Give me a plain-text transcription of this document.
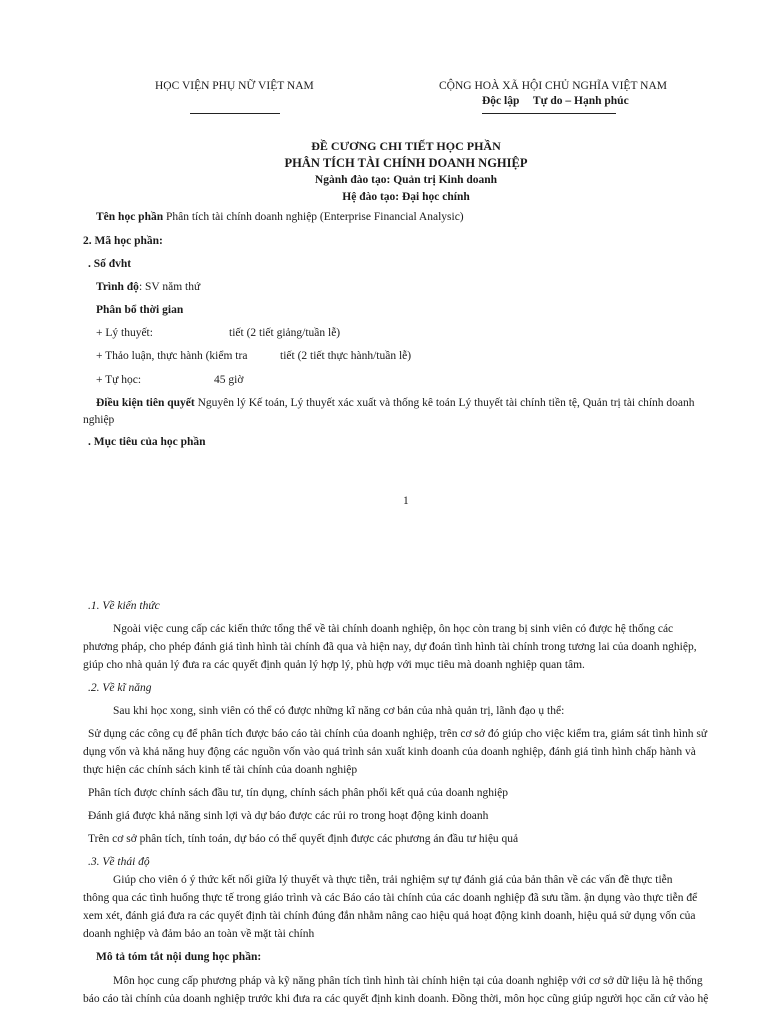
HỌC VIỆN PHỤ NỮ VIỆT NAM	CỘNG HOÀ XÃ HỘI CHỦ NGHĨA VIỆT NAM
Độc lập Tự do – Hạnh phúc
ĐỀ CƯƠNG CHI TIẾT HỌC PHẦN
PHÂN TÍCH TÀI CHÍNH DOANH NGHIỆP
Ngành đào tạo: Quản trị Kinh doanh
Hệ đào tạo: Đại học chính
Tên học phần Phân tích tài chính doanh nghiệp (Enterprise Financial Analysic)
2. Mã học phần:
. Số đvht
Trình độ: SV năm thứ
Phân bổ thời gian
+ Lý thuyết:	tiết (2 tiết giảng/tuần lễ)
+ Thảo luận, thực hành (kiểm tra	tiết (2 tiết thực hành/tuần lễ)
+ Tự học:	45 giờ
Điều kiện tiên quyết Nguyên lý Kế toán, Lý thuyết xác xuất và thống kê toán Lý thuyết tài chính tiền tệ, Quản trị tài chính doanh
nghiệp
. Mục tiêu của học phần
1
.1. Về kiến thức
Ngoài việc cung cấp các kiến thức tổng thể về tài chính doanh nghiệp, ôn học còn trang bị sinh viên có được hệ thống các
phương pháp, cho phép đánh giá tình hình tài chính đã qua và hiện nay, dự đoán tình hình tài chính trong tương lai của doanh nghiệp,
giúp cho nhà quản lý đưa ra các quyết định quản lý hợp lý, phù hợp với mục tiêu mà doanh nghiệp quan tâm.
.2. Về kĩ năng
Sau khi học xong, sinh viên có thể có được những kĩ năng cơ bản của nhà quản trị, lãnh đạo ụ thể:
Sử dụng các công cụ để phân tích được báo cáo tài chính của doanh nghiệp, trên cơ sở đó giúp cho việc kiểm tra, giám sát tình hình sử
dụng vốn và khả năng huy động các nguồn vốn vào quá trình sản xuất kinh doanh của doanh nghiệp, đánh giá tình hình chấp hành và
thực hiện các chính sách kinh tế tài chính của doanh nghiệp
Phân tích được chính sách đầu tư, tín dụng, chính sách phân phối kết quả của doanh nghiệp
Đánh giá được khả năng sinh lợi và dự báo được các rủi ro trong hoạt động kinh doanh
Trên cơ sở phân tích, tính toán, dự báo có thể quyết định được các phương án đầu tư hiệu quả
.3. Về thái độ
Giúp cho viên ó ý thức kết nối giữa lý thuyết và thực tiễn, trải nghiệm sự tự đánh giá của bản thân về các vấn đề thực tiễn
thông qua các tình huống thực tế trong giáo trình và các Báo cáo tài chính của các doanh nghiệp đã sưu tầm. ận dụng vào thực tiễn để
xem xét, đánh giá đưa ra các quyết định tài chính đúng đắn nhằm nâng cao hiệu quả hoạt động kinh doanh, hiệu quả sử dụng vốn của
doanh nghiệp và đảm bảo an toàn về mặt tài chính
Mô tả tóm tắt nội dung học phần:
Môn học cung cấp phương pháp và kỹ năng phân tích tình hình tài chính hiện tại của doanh nghiệp với cơ sở dữ liệu là hệ thống
báo cáo tài chính của doanh nghiệp trước khi đưa ra các quyết định kinh doanh. Đồng thời, môn học cũng giúp người học căn cứ vào hệ
